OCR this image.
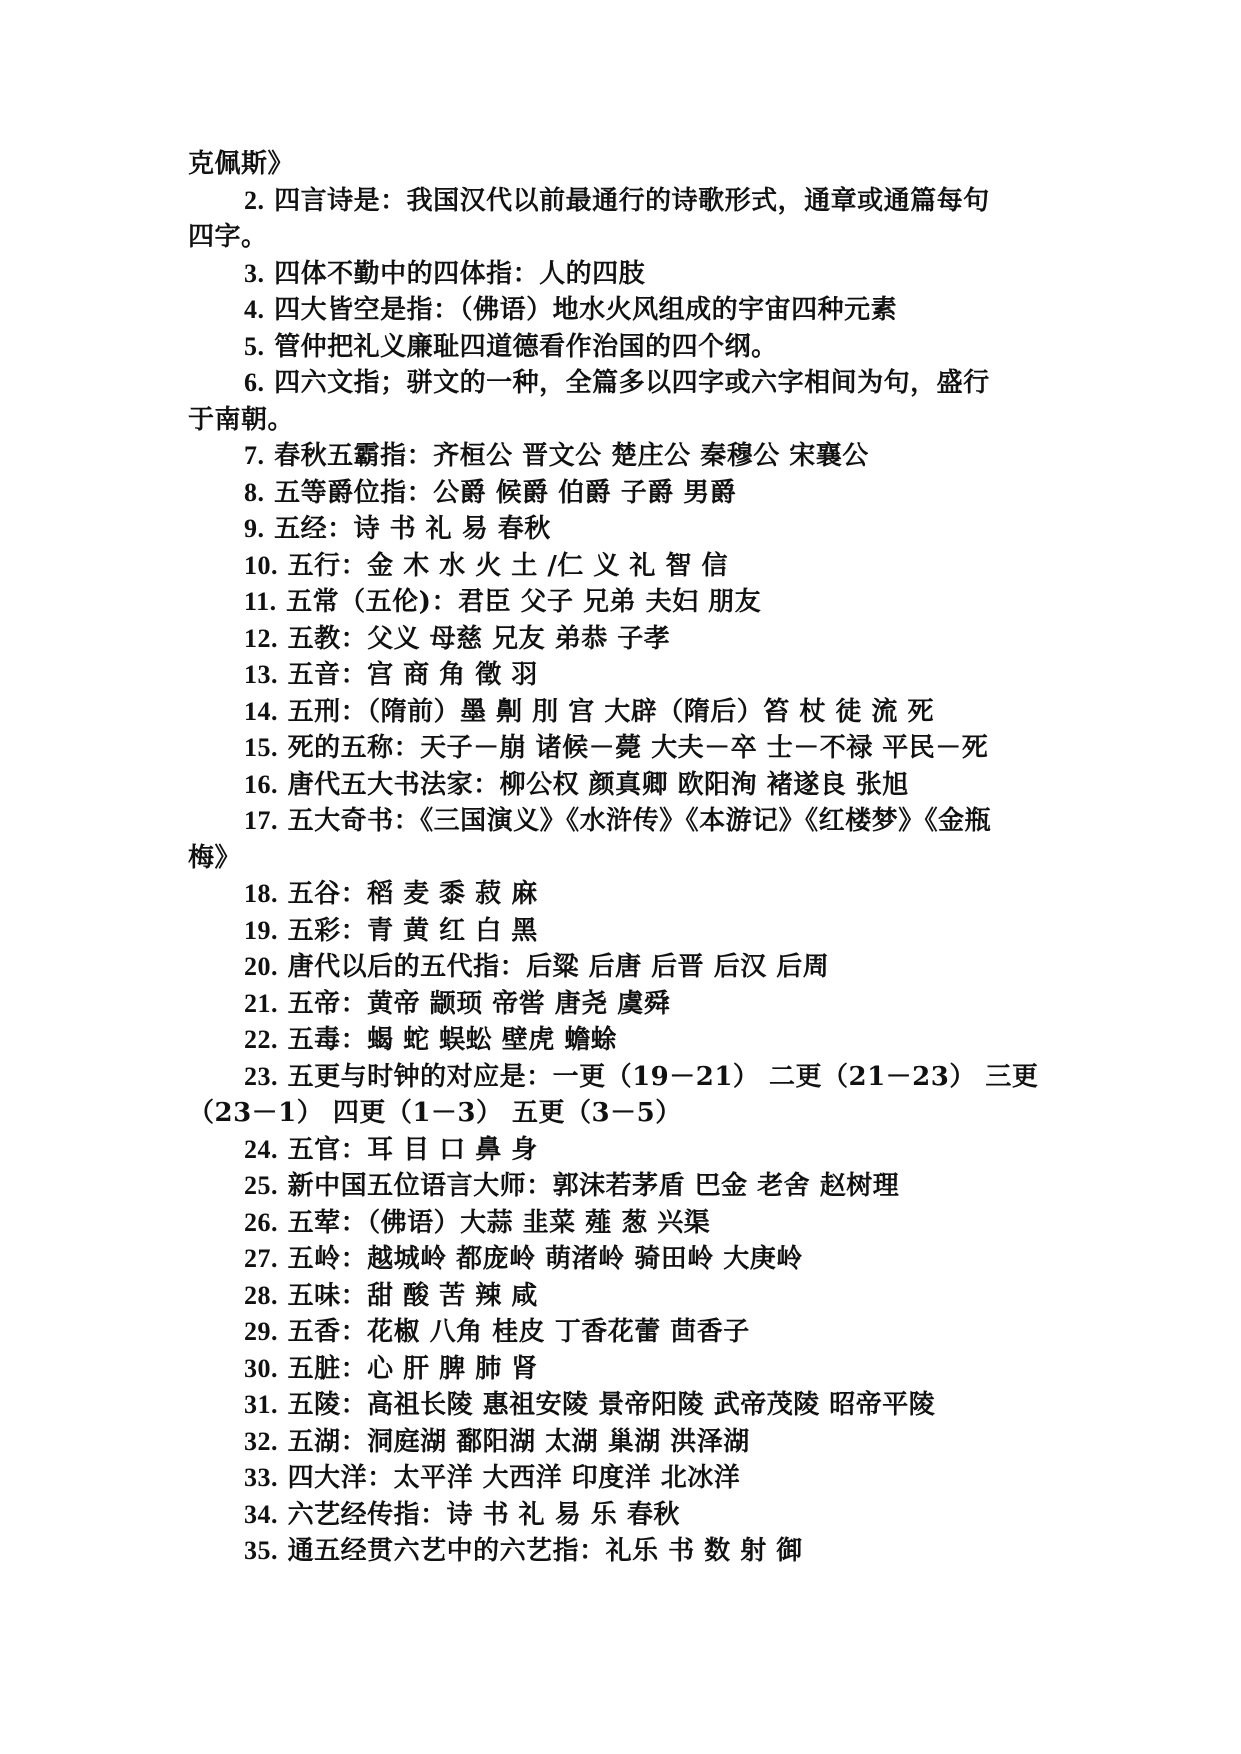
克佩斯》
2. 四言诗是：我国汉代以前最通行的诗歌形式，通章或通篇每句
四字。
3. 四体不勤中的四体指：人的四肢
4. 四大皆空是指：（佛语）地水火风组成的宇宙四种元素
5. 管仲把礼义廉耻四道德看作治国的四个纲。
6. 四六文指；骈文的一种，全篇多以四字或六字相间为句，盛行
于南朝。
7. 春秋五霸指：齐桓公 晋文公 楚庄公 秦穆公 宋襄公
8. 五等爵位指：公爵 候爵 伯爵 子爵 男爵
9. 五经：诗 书 礼 易 春秋
10. 五行：金 木 水 火 土 /仁 义 礼 智 信
11. 五常（五伦)：君臣 父子 兄弟 夫妇 朋友
12. 五教：父义 母慈 兄友 弟恭 子孝
13. 五音：宫 商 角 徵 羽
14. 五刑：（隋前）墨 劓 刖 宫 大辟（隋后）笞 杖 徒 流 死
15. 死的五称：天子－崩 诸候－薨 大夫－卒 士－不禄 平民－死
16. 唐代五大书法家：柳公权 颜真卿 欧阳洵 褚遂良 张旭
17. 五大奇书：《三国演义》《水浒传》《本游记》《红楼梦》《金瓶
梅》
18. 五谷：稻 麦 黍 菽 麻
19. 五彩：青 黄 红 白 黑
20. 唐代以后的五代指：后粱 后唐 后晋 后汉 后周
21. 五帝：黄帝 颛顼 帝喾 唐尧 虞舜
22. 五毒：蝎 蛇 蜈蚣 壁虎 蟾蜍
23. 五更与时钟的对应是：一更（19－21） 二更（21－23） 三更
（23－1） 四更（1－3） 五更（3－5）
24. 五官：耳 目 口 鼻 身
25. 新中国五位语言大师：郭沫若茅盾 巴金 老舍 赵树理
26. 五荤：（佛语）大蒜 韭菜 薤 葱 兴渠
27. 五岭：越城岭 都庞岭 萌渚岭 骑田岭 大庚岭
28. 五味：甜 酸 苦 辣 咸
29. 五香：花椒 八角 桂皮 丁香花蕾 茴香子
30. 五脏：心 肝 脾 肺 肾
31. 五陵：高祖长陵 惠祖安陵 景帝阳陵 武帝茂陵 昭帝平陵
32. 五湖：洞庭湖 鄱阳湖 太湖 巢湖 洪泽湖
33. 四大洋：太平洋 大西洋 印度洋 北冰洋
34. 六艺经传指：诗 书 礼 易 乐 春秋
35. 通五经贯六艺中的六艺指：礼乐 书 数 射 御
